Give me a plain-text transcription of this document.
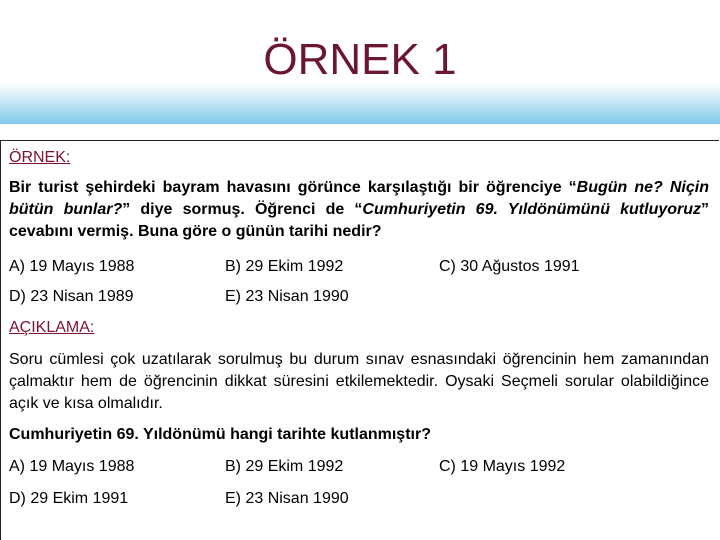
ÖRNEK 1
ÖRNEK:
Bir turist şehirdeki bayram havasını görünce karşılaştığı bir öğrenciye “Bugün ne? Niçin bütün bunlar?” diye sormuş. Öğrenci de “Cumhuriyetin 69. Yıldönümünü kutluyoruz” cevabını vermiş. Buna göre o günün tarihi nedir?
A) 19 Mayıs 1988	B) 29 Ekim 1992	C) 30 Ağustos 1991
D) 23 Nisan 1989	E) 23 Nisan 1990
AÇIKLAMA:
Soru cümlesi çok uzatılarak sorulmuş bu durum sınav esnasındaki öğrencinin hem zamanından çalmaktır hem de öğrencinin dikkat süresini etkilemektedir. Oysaki Seçmeli sorular olabildiğince açık ve kısa olmalıdır.
Cumhuriyetin 69. Yıldönümü hangi tarihte kutlanmıştır?
A) 19 Mayıs 1988	B) 29 Ekim 1992	C) 19 Mayıs 1992
D) 29 Ekim 1991	E) 23 Nisan 1990
